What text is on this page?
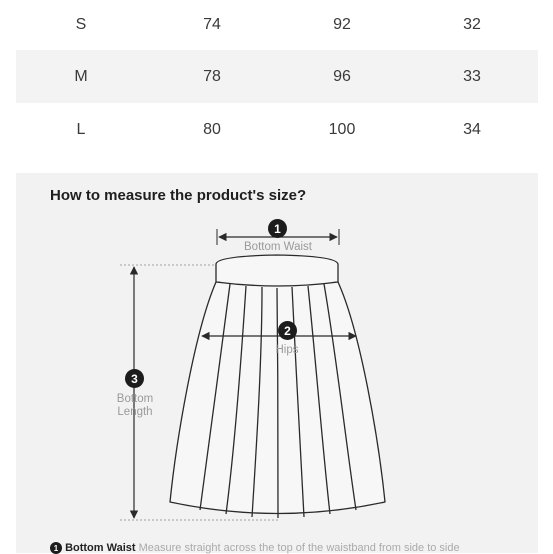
S	74	92	32
M	78	96	33
L	80	100	34
How to measure the product's size?
1
Bottom Waist
2
Hips
3
Bottom
Length
1 Bottom Waist Measure straight across the top of the waistband from side to side
